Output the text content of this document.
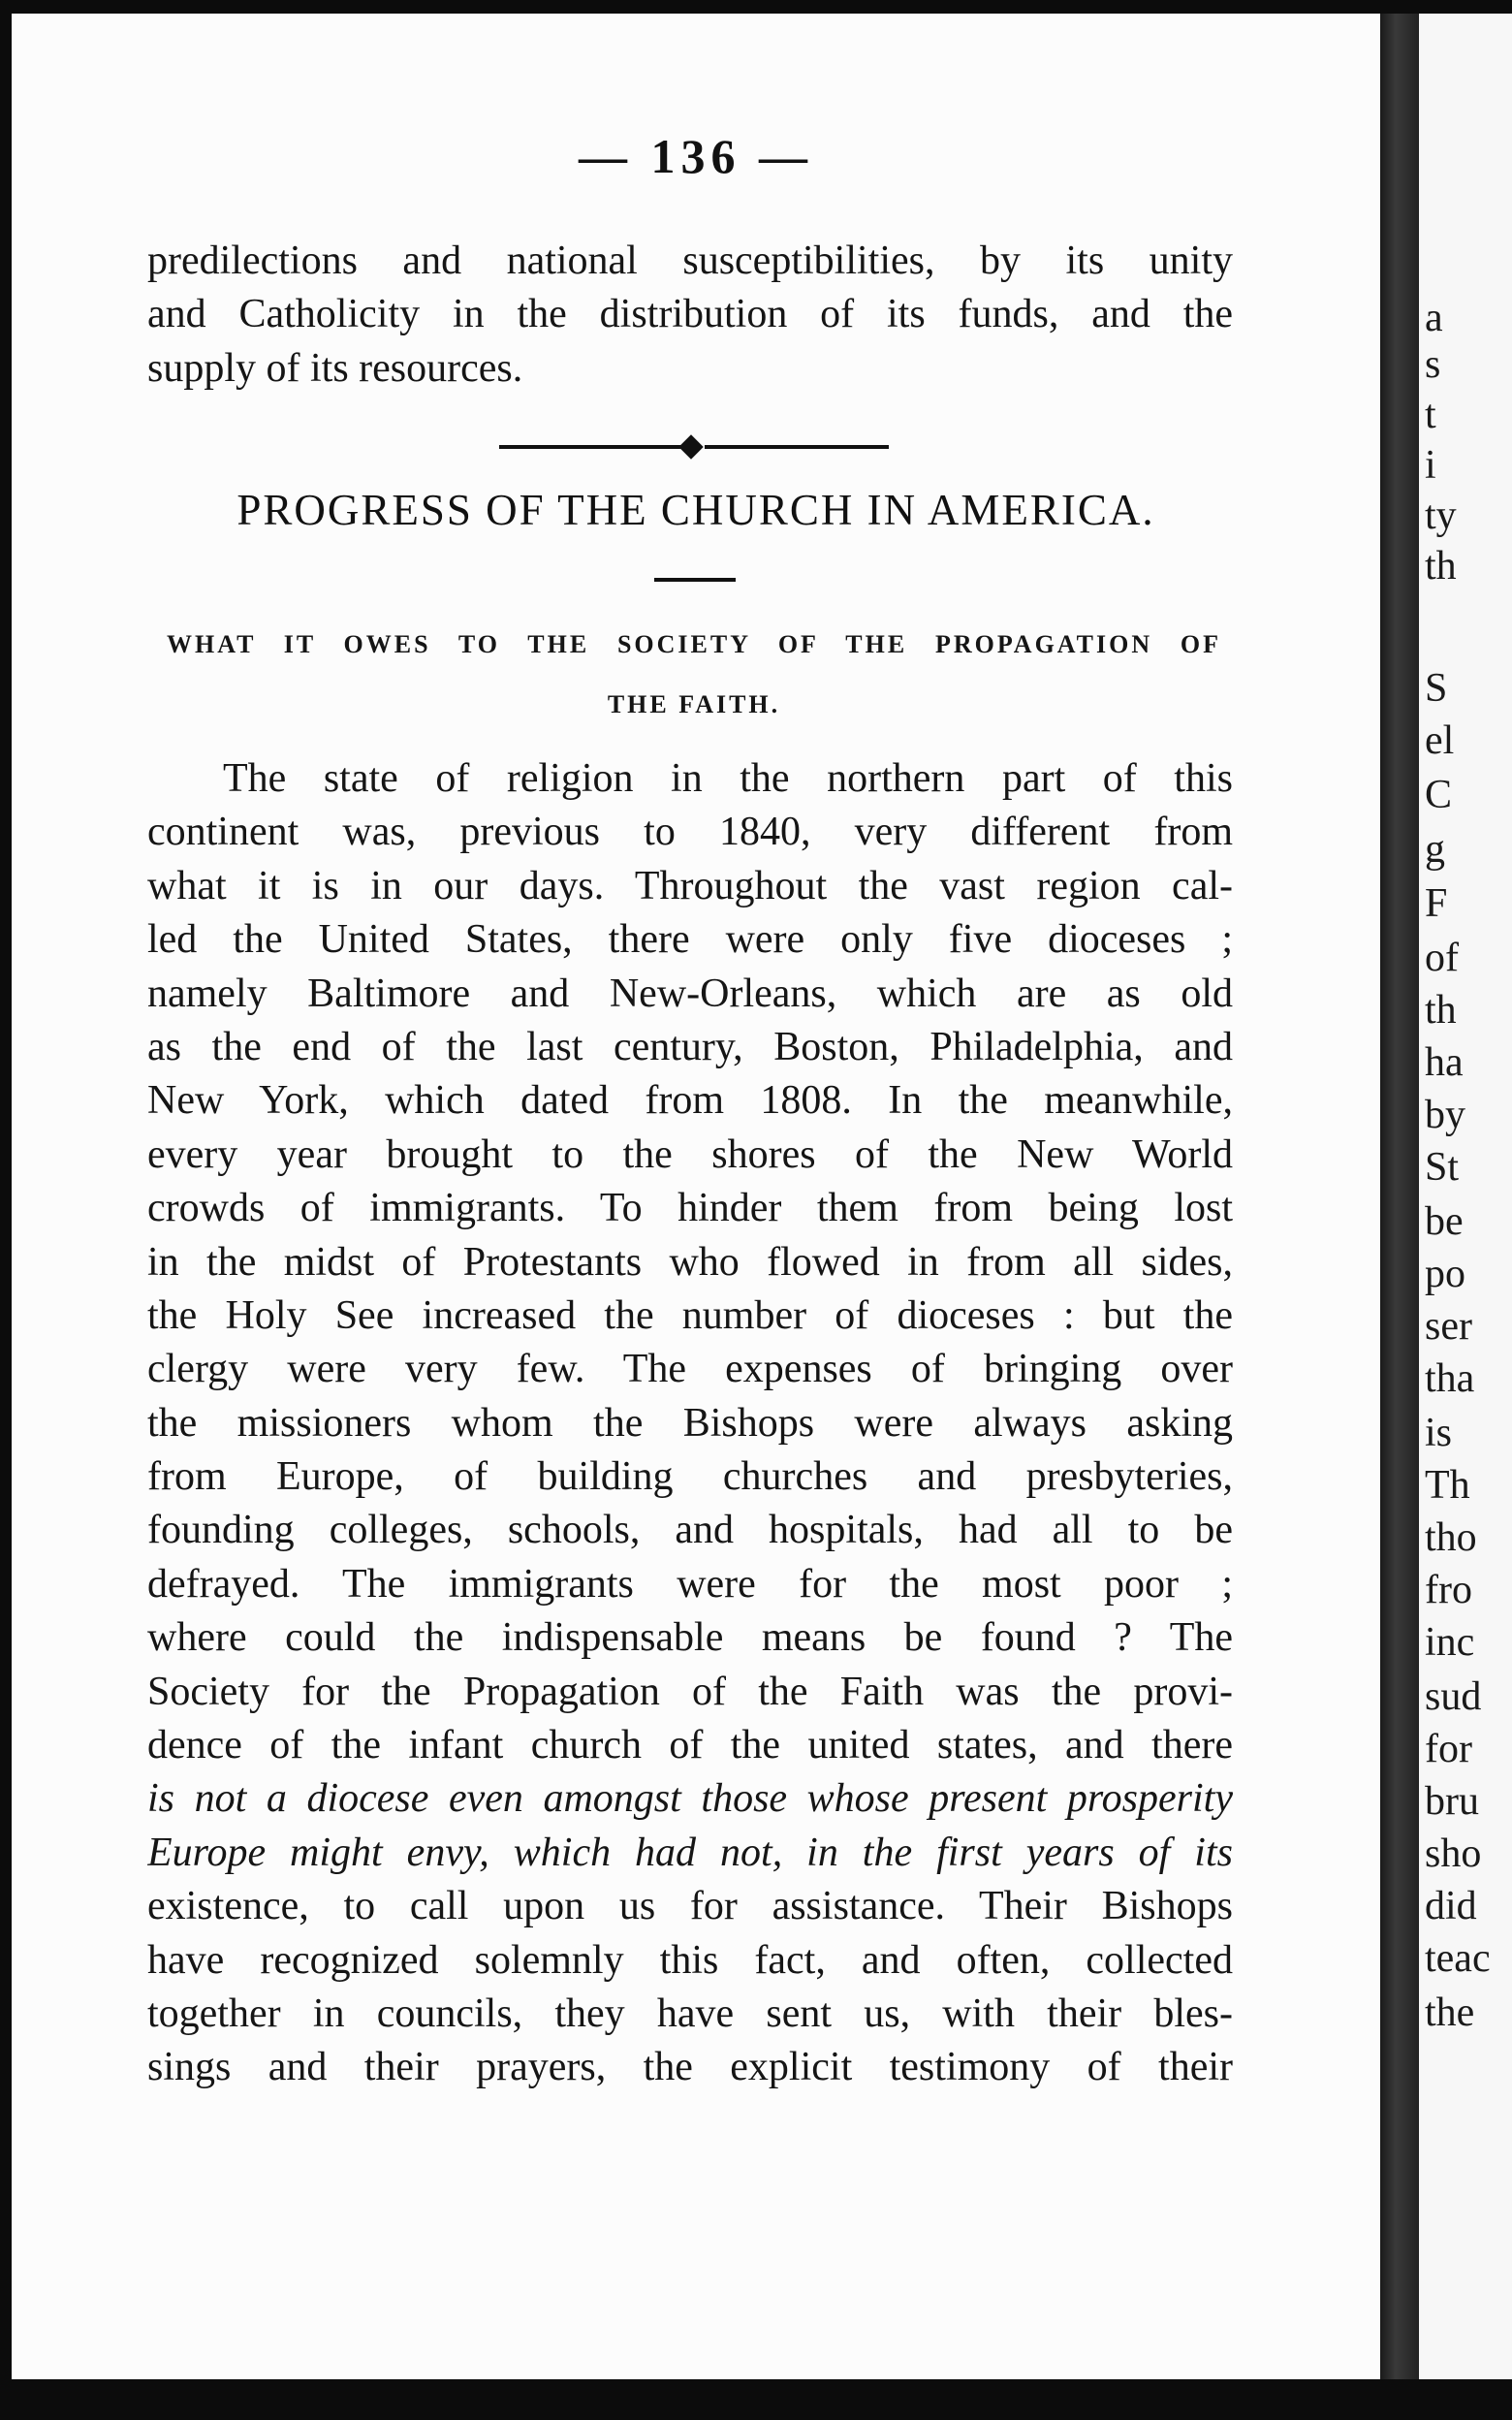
— 136 —
predilections and national susceptibilities, by its unity
and Catholicity in the distribution of its funds, and the
supply of its resources.
PROGRESS OF THE CHURCH IN AMERICA.
WHAT IT OWES TO THE SOCIETY OF THE PROPAGATION OF
THE FAITH.
The state of religion in the northern part of this
continent was, previous to 1840, very different from
what it is in our days. Throughout the vast region cal-
led the United States, there were only five dioceses ;
namely Baltimore and New-Orleans, which are as old
as the end of the last century, Boston, Philadelphia, and
New York, which dated from 1808. In the meanwhile,
every year brought to the shores of the New World
crowds of immigrants. To hinder them from being lost
in the midst of Protestants who flowed in from all sides,
the Holy See increased the number of dioceses : but the
clergy were very few. The expenses of bringing over
the missioners whom the Bishops were always asking
from Europe, of building churches and presbyteries,
founding colleges, schools, and hospitals, had all to be
defrayed. The immigrants were for the most poor ;
where could the indispensable means be found ? The
Society for the Propagation of the Faith was the provi-
dence of the infant church of the united states, and there
is not a diocese even amongst those whose present prosperity
Europe might envy, which had not, in the first years of its
existence, to call upon us for assistance. Their Bishops
have recognized solemnly this fact, and often, collected
together in councils, they have sent us, with their bles-
sings and their prayers, the explicit testimony of their
a
s
t
i
ty
th
S
el
C
g
F
of
th
ha
by
St
be
po
ser
tha
is
Th
tho
fro
inc
sud
for
bru
sho
did
teac
the
